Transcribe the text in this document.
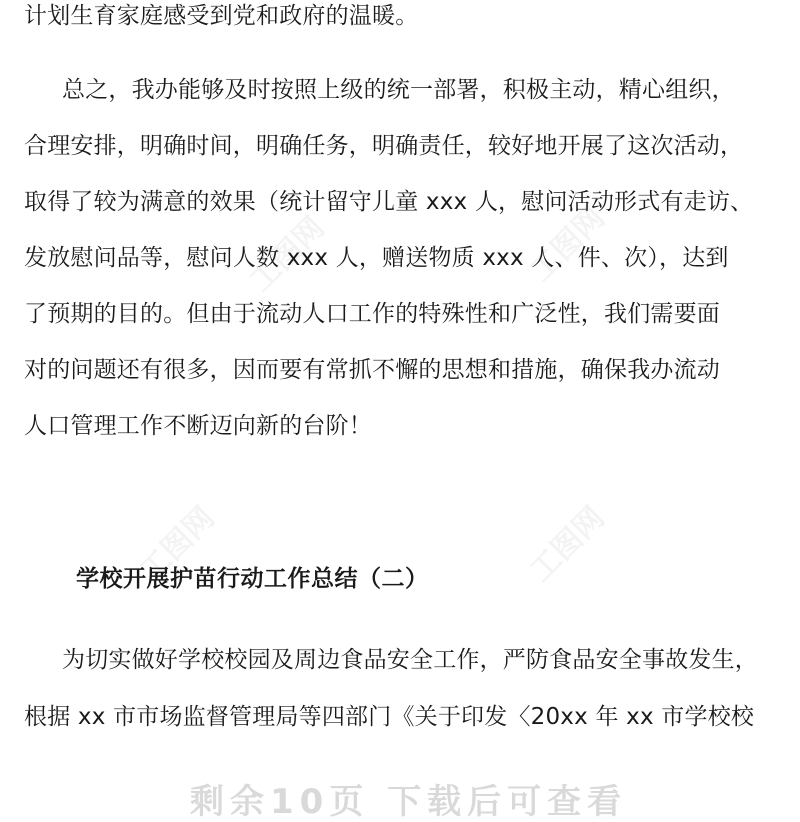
工图网	工图网
工图网
工图网
计划生育家庭感受到党和政府的温暖。
总之，我办能够及时按照上级的统一部署，积极主动，精心组织，
合理安排，明确时间，明确任务，明确责任，较好地开展了这次活动，
取得了较为满意的效果（统计留守儿童 xxx 人，慰问活动形式有走访、
发放慰问品等，慰问人数 xxx 人，赠送物质 xxx 人、件、次），达到
了预期的目的。但由于流动人口工作的特殊性和广泛性，我们需要面
对的问题还有很多，因而要有常抓不懈的思想和措施，确保我办流动
人口管理工作不断迈向新的台阶！
学校开展护苗行动工作总结（二）
为切实做好学校校园及周边食品安全工作，严防食品安全事故发生，
根据 xx 市市场监督管理局等四部门《关于印发〈20xx 年 xx 市学校校
剩余10页 下载后可查看
